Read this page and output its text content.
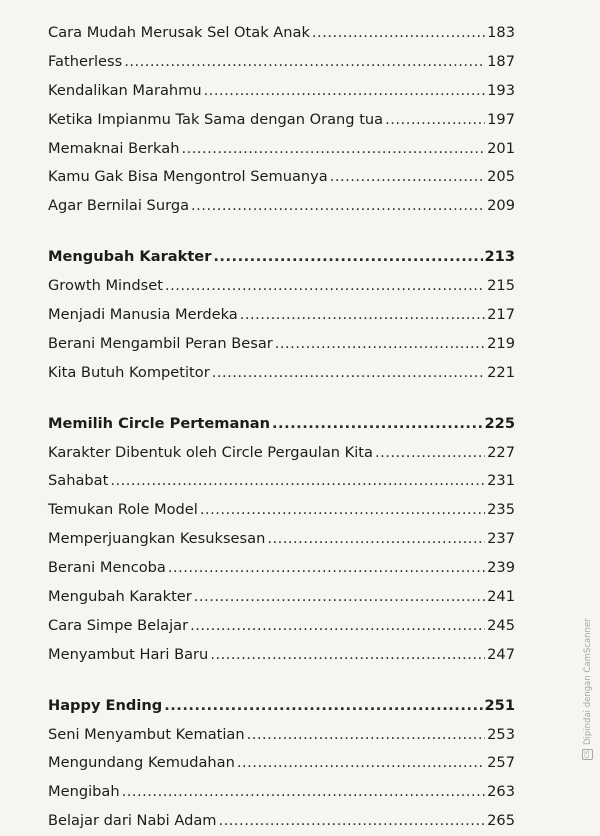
Cara Mudah Merusak Sel Otak Anak .....	183
Fatherless .....	187
Kendalikan Marahmu .....	193
Ketika Impianmu Tak Sama dengan Orang tua .....	197
Memaknai Berkah .....	201
Kamu Gak Bisa Mengontrol Semuanya .....	205
Agar Bernilai Surga .....	209
Mengubah Karakter .....	213
Growth Mindset .....	215
Menjadi Manusia Merdeka .....	217
Berani Mengambil Peran Besar .....	219
Kita Butuh Kompetitor .....	221
Memilih Circle Pertemanan .....	225
Karakter Dibentuk oleh Circle Pergaulan Kita .....	227
Sahabat .....	231
Temukan Role Model .....	235
Memperjuangkan Kesuksesan .....	237
Berani Mencoba .....	239
Mengubah Karakter .....	241
Cara Simpe Belajar .....	245
Menyambut Hari Baru .....	247
Happy Ending .....	251
Seni Menyambut Kematian .....	253
Mengundang Kemudahan .....	257
Mengibah .....	263
Belajar dari Nabi Adam .....	265
CS
Dipindai dengan CamScanner
